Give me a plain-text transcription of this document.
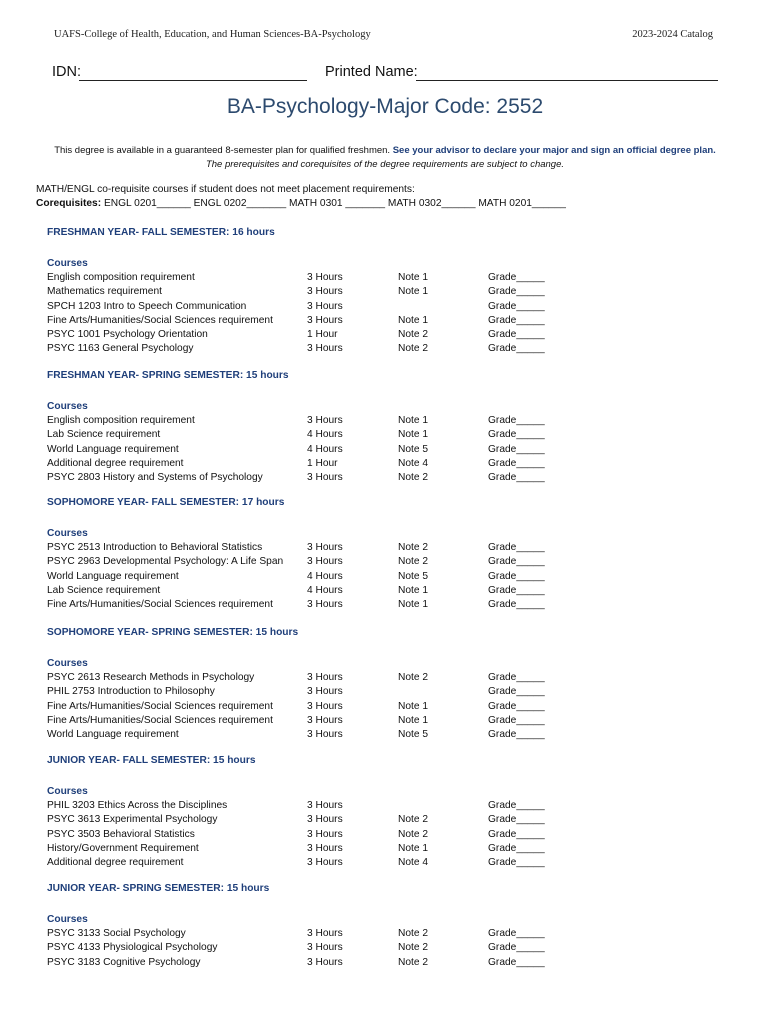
UAFS-College of Health, Education, and Human Sciences-BA-Psychology	2023-2024 Catalog
IDN:	Printed Name:
BA-Psychology-Major Code: 2552
This degree is available in a guaranteed 8-semester plan for qualified freshmen. See your advisor to declare your major and sign an official degree plan.
The prerequisites and corequisites of the degree requirements are subject to change.
MATH/ENGL co-requisite courses if student does not meet placement requirements:
Corequisites: ENGL 0201______ ENGL 0202_______ MATH 0301 _______ MATH 0302______ MATH 0201______
FRESHMAN YEAR- FALL SEMESTER: 16 hours
Courses
English composition requirement	3 Hours	Note 1	Grade_____
Mathematics requirement	3 Hours	Note 1	Grade_____
SPCH 1203 Intro to Speech Communication	3 Hours	Grade_____
Fine Arts/Humanities/Social Sciences requirement	3 Hours	Note 1	Grade_____
PSYC 1001 Psychology Orientation	1 Hour	Note 2	Grade_____
PSYC 1163 General Psychology	3 Hours	Note 2	Grade_____
FRESHMAN YEAR- SPRING SEMESTER: 15 hours
Courses
English composition requirement	3 Hours	Note 1	Grade_____
Lab Science requirement	4 Hours	Note 1	Grade_____
World Language requirement	4 Hours	Note 5	Grade_____
Additional degree requirement	1 Hour	Note 4	Grade_____
PSYC 2803 History and Systems of Psychology	3 Hours	Note 2	Grade_____
SOPHOMORE YEAR- FALL SEMESTER: 17 hours
Courses
PSYC 2513 Introduction to Behavioral Statistics	3 Hours	Note 2	Grade_____
PSYC 2963 Developmental Psychology: A Life Span 3 Hours	Note 2	Grade_____
World Language requirement	4 Hours	Note 5	Grade_____
Lab Science requirement	4 Hours	Note 1	Grade_____
Fine Arts/Humanities/Social Sciences requirement	3 Hours	Note 1	Grade_____
SOPHOMORE YEAR- SPRING SEMESTER: 15 hours
Courses
PSYC 2613 Research Methods in Psychology	3 Hours	Note 2	Grade_____
PHIL 2753 Introduction to Philosophy	3 Hours	Grade_____
Fine Arts/Humanities/Social Sciences requirement	3 Hours	Note 1	Grade_____
Fine Arts/Humanities/Social Sciences requirement	3 Hours	Note 1	Grade_____
World Language requirement	3 Hours	Note 5	Grade_____
JUNIOR YEAR- FALL SEMESTER: 15 hours
Courses
PHIL 3203 Ethics Across the Disciplines	3 Hours	Grade_____
PSYC 3613 Experimental Psychology	3 Hours	Note 2	Grade_____
PSYC 3503 Behavioral Statistics	3 Hours	Note 2	Grade_____
History/Government Requirement	3 Hours	Note 1	Grade_____
Additional degree requirement	3 Hours	Note 4	Grade_____
JUNIOR YEAR- SPRING SEMESTER: 15 hours
Courses
PSYC 3133 Social Psychology	3 Hours	Note 2	Grade_____
PSYC 4133 Physiological Psychology	3 Hours	Note 2	Grade_____
PSYC 3183 Cognitive Psychology	3 Hours	Note 2	Grade_____
